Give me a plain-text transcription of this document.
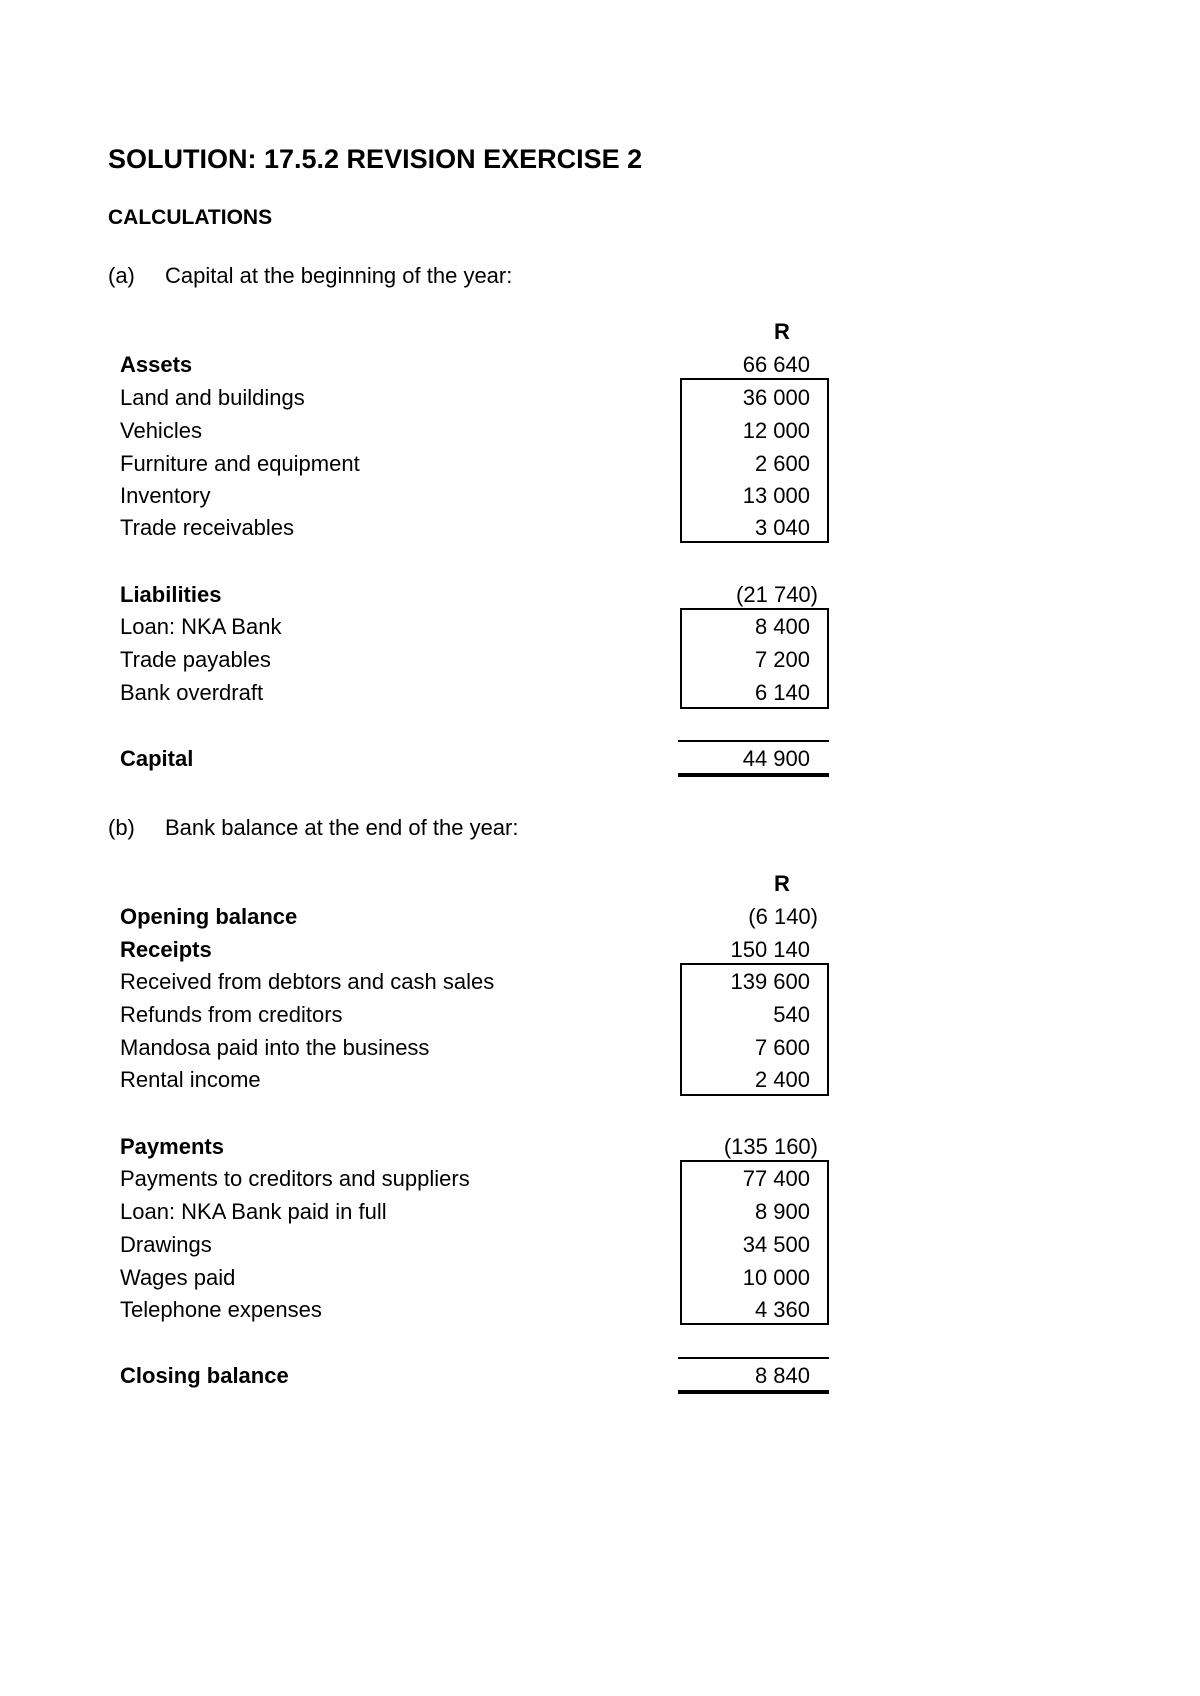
SOLUTION: 17.5.2 REVISION EXERCISE 2
CALCULATIONS
(a) Capital at the beginning of the year:
R
Assets	66 640
Land and buildings	36 000
Vehicles	12 000
Furniture and equipment	2 600
Inventory	13 000
Trade receivables	3 040
Liabilities	(21 740)
Loan: NKA Bank	8 400
Trade payables	7 200
Bank overdraft	6 140
Capital	44 900
(b) Bank balance at the end of the year:
R
Opening balance	(6 140)
Receipts	150 140
Received from debtors and cash sales	139 600
Refunds from creditors	540
Mandosa paid into the business	7 600
Rental income	2 400
Payments	(135 160)
Payments to creditors and suppliers	77 400
Loan: NKA Bank paid in full	8 900
Drawings	34 500
Wages paid	10 000
Telephone expenses	4 360
Closing balance	8 840
